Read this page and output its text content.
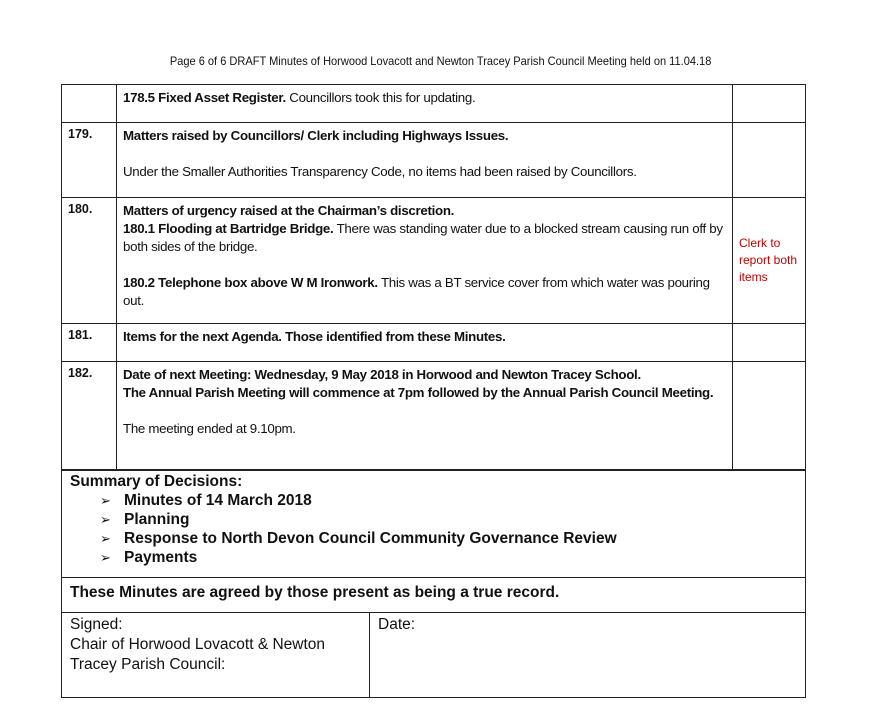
Page 6 of 6 DRAFT Minutes of Horwood Lovacott and Newton Tracey Parish Council Meeting held on 11.04.18
	178.5 Fixed Asset Register. Councillors took this for updating.	
179.	Matters raised by Councillors/ Clerk including Highways Issues.

Under the Smaller Authorities Transparency Code, no items had been raised by Councillors.	

180.	Matters of urgency raised at the Chairman’s discretion.

180.1 Flooding at Bartridge Bridge. There was standing water due to a blocked stream causing run off by both sides of the bridge.

180.2 Telephone box above W M Ironwork. This was a BT service cover from which water was pouring out.	Clerk to report both items
181.	Items for the next Agenda. Those identified from these Minutes.	
182.	Date of next Meeting: Wednesday, 9 May 2018 in Horwood and Newton Tracey School.

The Annual Parish Meeting will commence at 7pm followed by the Annual Parish Council Meeting.

The meeting ended at 9.10pm.	

Summary of Decisions:
➢ Minutes of 14 March 2018
➢ Planning
➢ Response to North Devon Council Community Governance Review
➢ Payments

These Minutes are agreed by those present as being a true record.

Signed:
Chair of Horwood Lovacott & Newton Tracey Parish Council:

Date:
